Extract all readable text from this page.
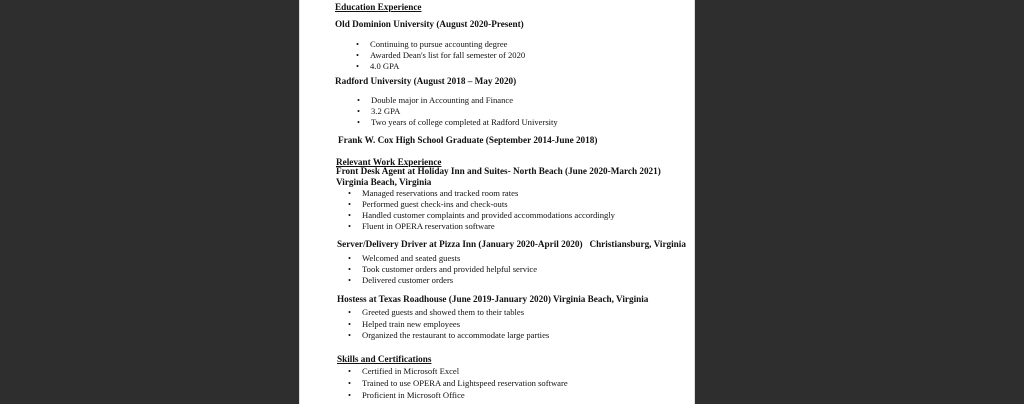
Education Experience
Old Dominion University (August 2020-Present)
• Continuing to pursue accounting degree
• Awarded Dean's list for fall semester of 2020
• 4.0 GPA
Radford University (August 2018 – May 2020)
• Double major in Accounting and Finance
• 3.2 GPA
• Two years of college completed at Radford University
Frank W. Cox High School Graduate (September 2014-June 2018)
Relevant Work Experience
Front Desk Agent at Holiday Inn and Suites- North Beach (June 2020-March 2021) Virginia Beach, Virginia
• Managed reservations and tracked room rates
• Performed guest check-ins and check-outs
• Handled customer complaints and provided accommodations accordingly
• Fluent in OPERA reservation software
Server/Delivery Driver at Pizza Inn (January 2020-April 2020) Christiansburg, Virginia
• Welcomed and seated guests
• Took customer orders and provided helpful service
• Delivered customer orders
Hostess at Texas Roadhouse (June 2019-January 2020) Virginia Beach, Virginia
• Greeted guests and showed them to their tables
• Helped train new employees
• Organized the restaurant to accommodate large parties
Skills and Certifications
• Certified in Microsoft Excel
• Trained to use OPERA and Lightspeed reservation software
• Proficient in Microsoft Office
